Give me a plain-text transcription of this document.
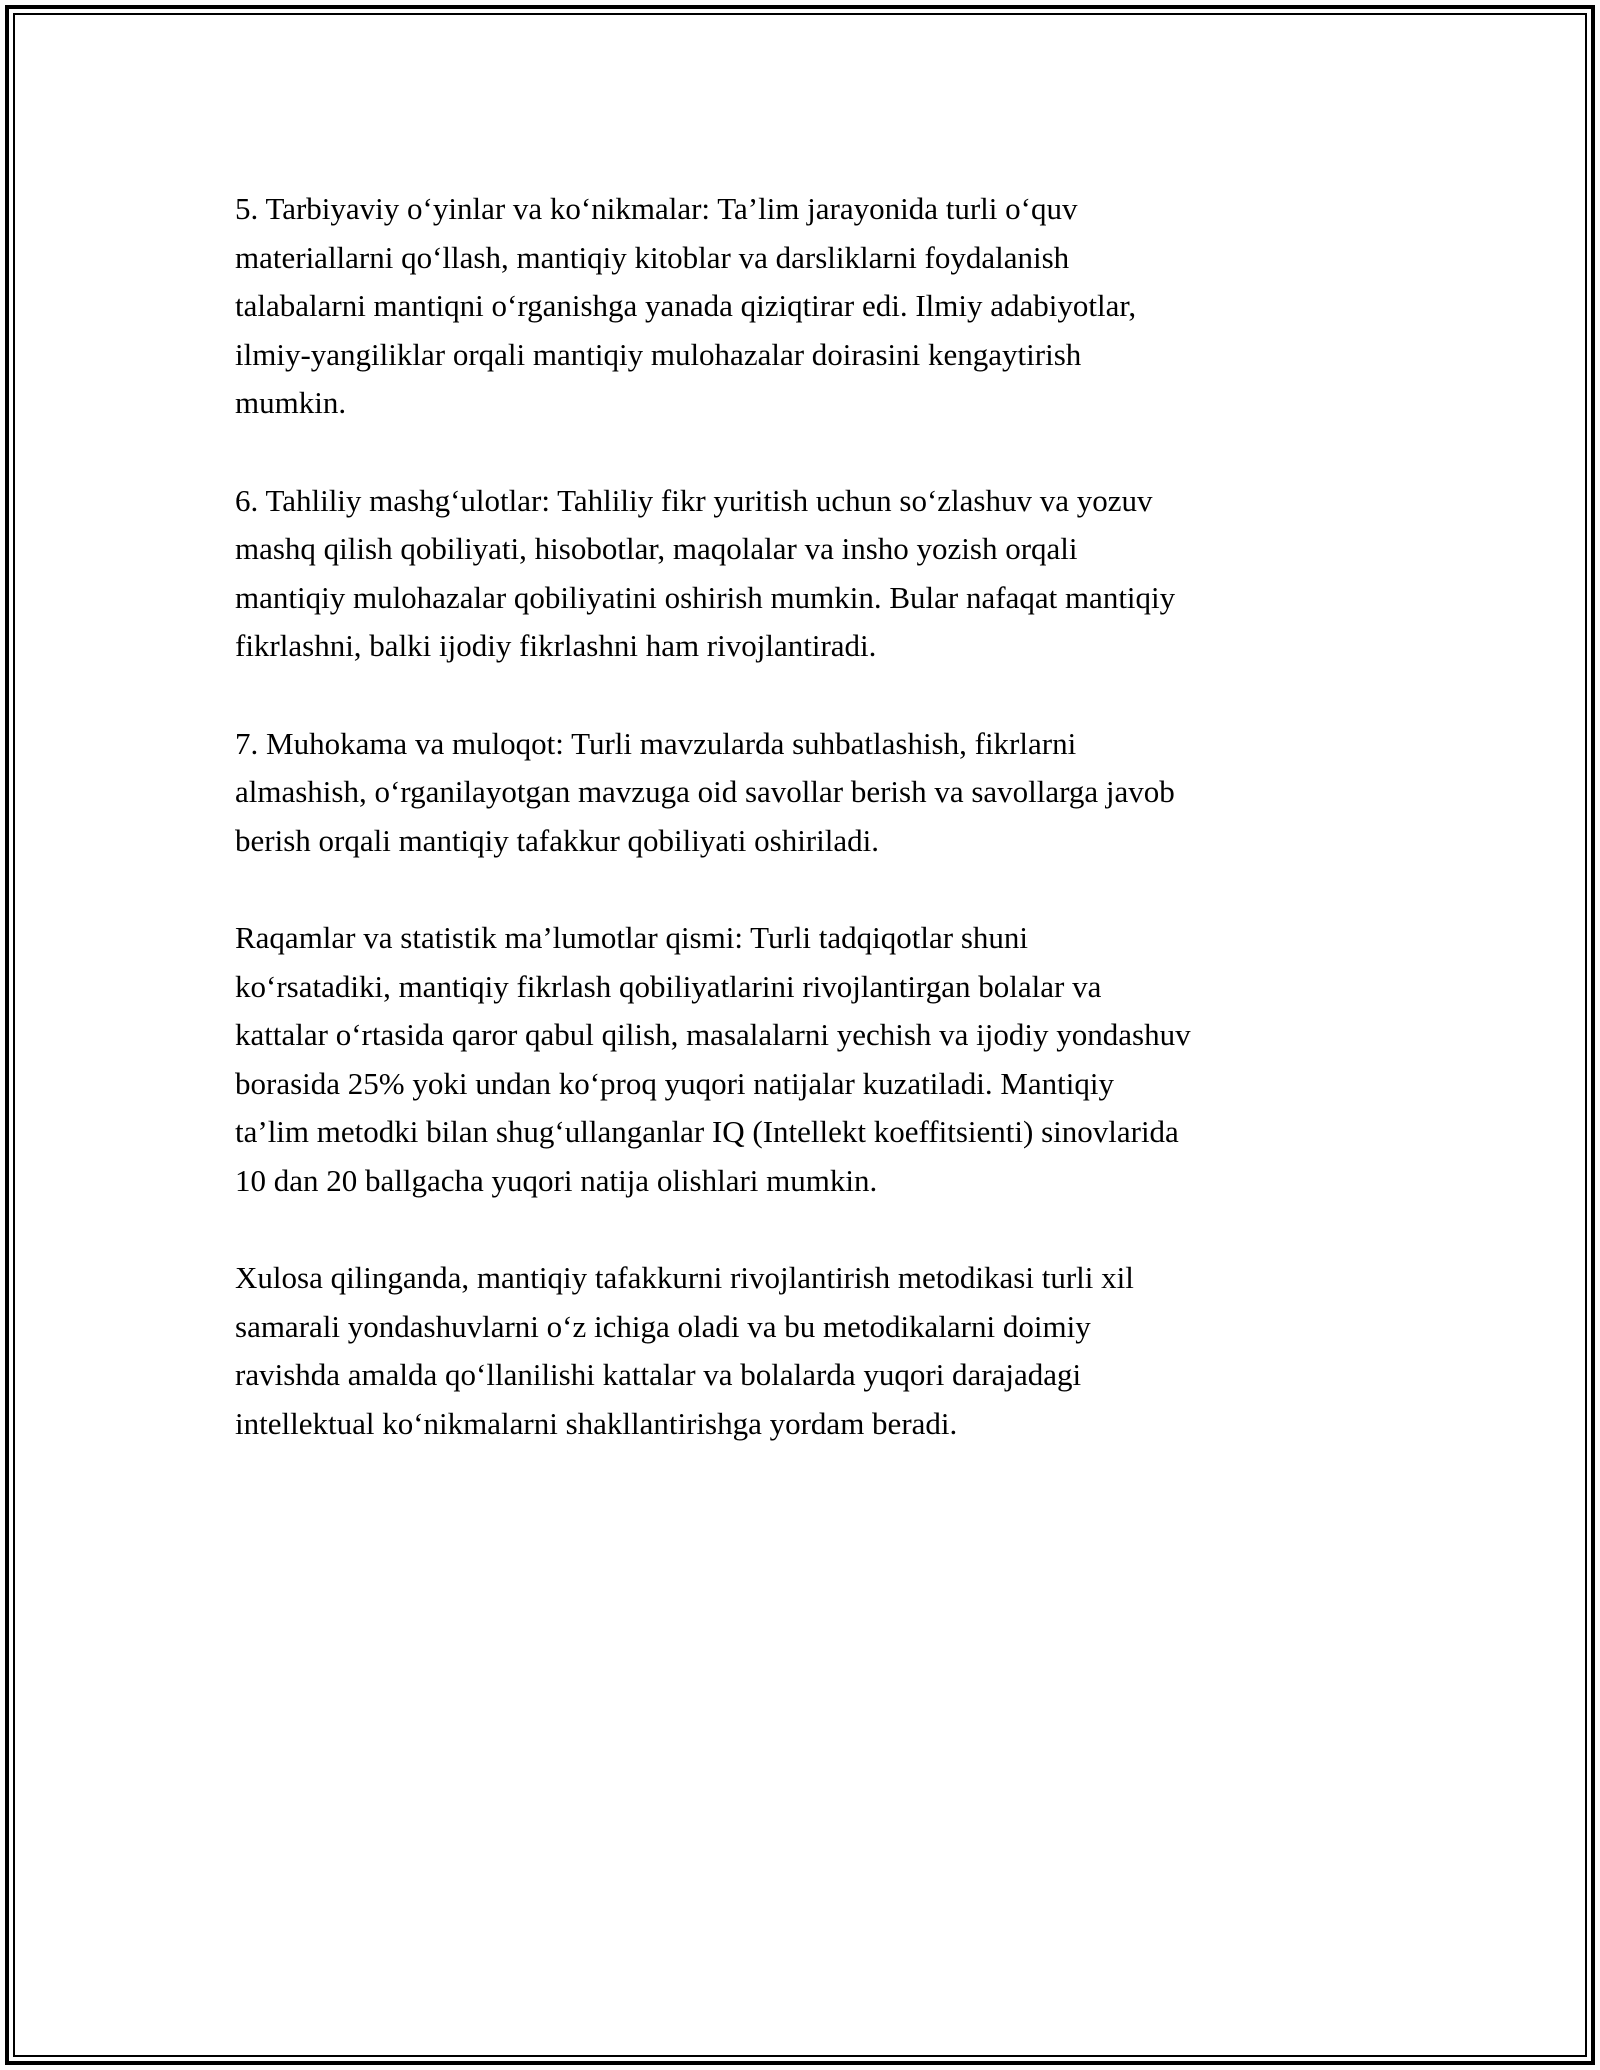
5. Tarbiyaviy o‘yinlar va ko‘nikmalar: Ta’lim jarayonida turli o‘quv
materiallarni qo‘llash, mantiqiy kitoblar va darsliklarni foydalanish
talabalarni mantiqni o‘rganishga yanada qiziqtirar edi. Ilmiy adabiyotlar,
ilmiy-yangiliklar orqali mantiqiy mulohazalar doirasini kengaytirish
mumkin.

6. Tahliliy mashg‘ulotlar: Tahliliy fikr yuritish uchun so‘zlashuv va yozuv
mashq qilish qobiliyati, hisobotlar, maqolalar va insho yozish orqali
mantiqiy mulohazalar qobiliyatini oshirish mumkin. Bular nafaqat mantiqiy
fikrlashni, balki ijodiy fikrlashni ham rivojlantiradi.

7. Muhokama va muloqot: Turli mavzularda suhbatlashish, fikrlarni
almashish, o‘rganilayotgan mavzuga oid savollar berish va savollarga javob
berish orqali mantiqiy tafakkur qobiliyati oshiriladi.

Raqamlar va statistik ma’lumotlar qismi: Turli tadqiqotlar shuni
ko‘rsatadiki, mantiqiy fikrlash qobiliyatlarini rivojlantirgan bolalar va
kattalar o‘rtasida qaror qabul qilish, masalalarni yechish va ijodiy yondashuv
borasida 25% yoki undan ko‘proq yuqori natijalar kuzatiladi. Mantiqiy
ta’lim metodki bilan shug‘ullanganlar IQ (Intellekt koeffitsienti) sinovlarida
10 dan 20 ballgacha yuqori natija olishlari mumkin.

Xulosa qilinganda, mantiqiy tafakkurni rivojlantirish metodikasi turli xil
samarali yondashuvlarni o‘z ichiga oladi va bu metodikalarni doimiy
ravishda amalda qo‘llanilishi kattalar va bolalarda yuqori darajadagi
intellektual ko‘nikmalarni shakllantirishga yordam beradi.
